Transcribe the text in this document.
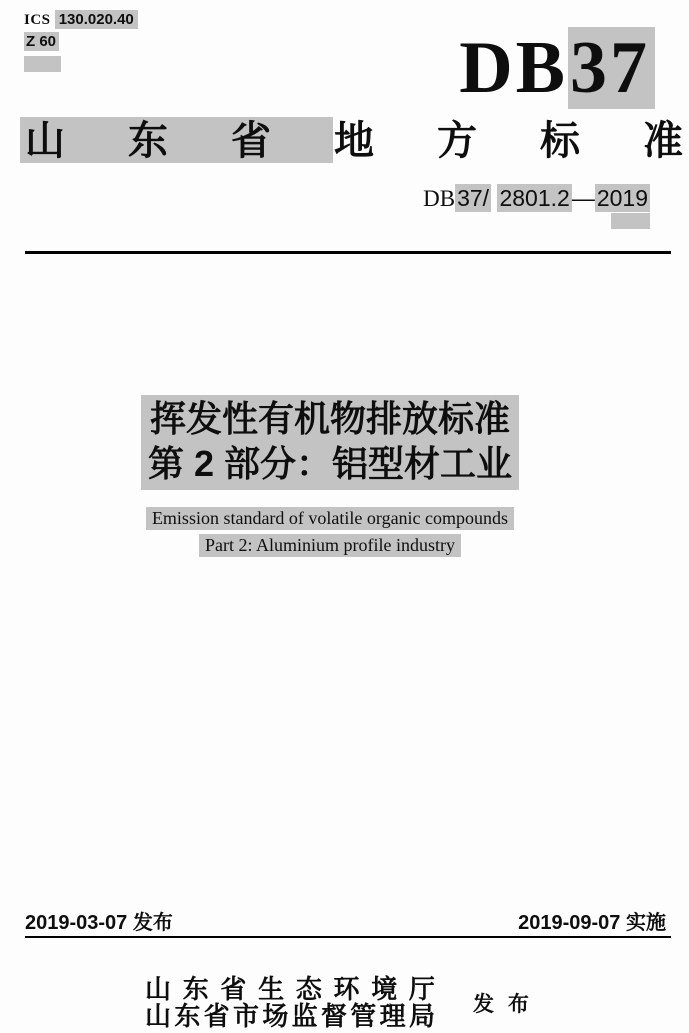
ICS 130.020.40
Z 60	DB37
山 东 省 地 方 标 准
DB37/ 2801.2—2019
挥发性有机物排放标准
第 2 部分：铝型材工业
Emission standard of volatile organic compounds
Part 2: Aluminium profile industry
2019-03-07 发布	2019-09-07 实施
山 东 省 生 态 环 境 厅
山 东 省 市 场 监 督 管 理 局 发 布
